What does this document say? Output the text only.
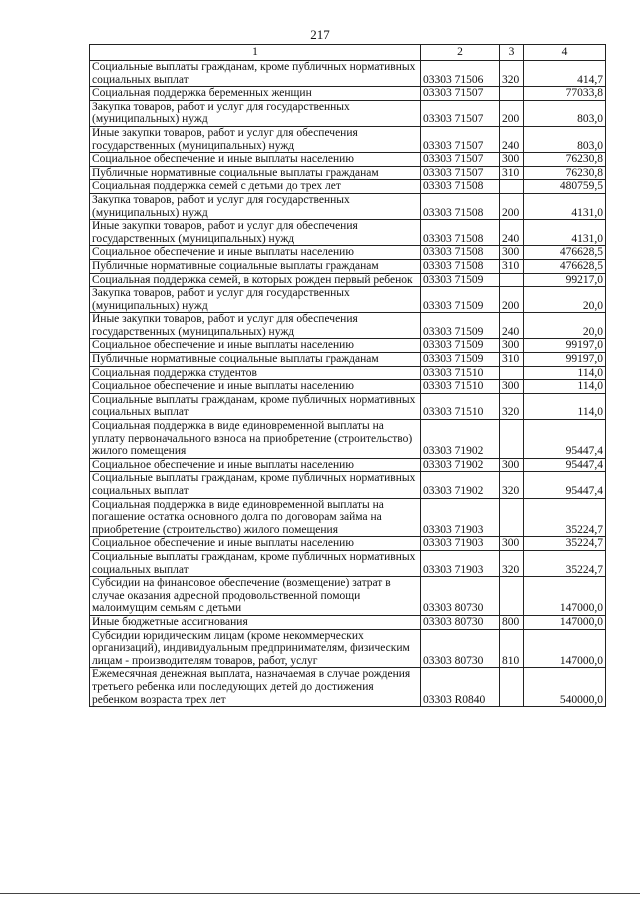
217
1	2	3	4
Социальные выплаты гражданам, кроме публичных нормативных социальных выплат	03303 71506	320	414,7
Социальная поддержка беременных женщин	03303 71507		77033,8
Закупка товаров, работ и услуг для государственных (муниципальных) нужд	03303 71507	200	803,0
Иные закупки товаров, работ и услуг для обеспечения государственных (муниципальных) нужд	03303 71507	240	803,0
Социальное обеспечение и иные выплаты населению	03303 71507	300	76230,8
Публичные нормативные социальные выплаты гражданам	03303 71507	310	76230,8
Социальная поддержка семей с детьми до трех лет	03303 71508		480759,5
Закупка товаров, работ и услуг для государственных (муниципальных) нужд	03303 71508	200	4131,0
Иные закупки товаров, работ и услуг для обеспечения государственных (муниципальных) нужд	03303 71508	240	4131,0
Социальное обеспечение и иные выплаты населению	03303 71508	300	476628,5
Публичные нормативные социальные выплаты гражданам	03303 71508	310	476628,5
Социальная поддержка семей, в которых рожден первый ребенок	03303 71509		99217,0
Закупка товаров, работ и услуг для государственных (муниципальных) нужд	03303 71509	200	20,0
Иные закупки товаров, работ и услуг для обеспечения государственных (муниципальных) нужд	03303 71509	240	20,0
Социальное обеспечение и иные выплаты населению	03303 71509	300	99197,0
Публичные нормативные социальные выплаты гражданам	03303 71509	310	99197,0
Социальная поддержка студентов	03303 71510		114,0
Социальное обеспечение и иные выплаты населению	03303 71510	300	114,0
Социальные выплаты гражданам, кроме публичных нормативных социальных выплат	03303 71510	320	114,0
Социальная поддержка в виде единовременной выплаты на уплату первоначального взноса на приобретение (строительство) жилого помещения	03303 71902		95447,4
Социальное обеспечение и иные выплаты населению	03303 71902	300	95447,4
Социальные выплаты гражданам, кроме публичных нормативных социальных выплат	03303 71902	320	95447,4
Социальная поддержка в виде единовременной выплаты на погашение остатка основного долга по договорам займа на приобретение (строительство) жилого помещения	03303 71903		35224,7
Социальное обеспечение и иные выплаты населению	03303 71903	300	35224,7
Социальные выплаты гражданам, кроме публичных нормативных социальных выплат	03303 71903	320	35224,7
Субсидии на финансовое обеспечение (возмещение) затрат в случае оказания адресной продовольственной помощи малоимущим семьям с детьми	03303 80730		147000,0
Иные бюджетные ассигнования	03303 80730	800	147000,0
Субсидии юридическим лицам (кроме некоммерческих организаций), индивидуальным предпринимателям, физическим лицам - производителям товаров, работ, услуг	03303 80730	810	147000,0
Ежемесячная денежная выплата, назначаемая в случае рождения третьего ребенка или последующих детей до достижения ребенком возраста трех лет	03303 R0840		540000,0
